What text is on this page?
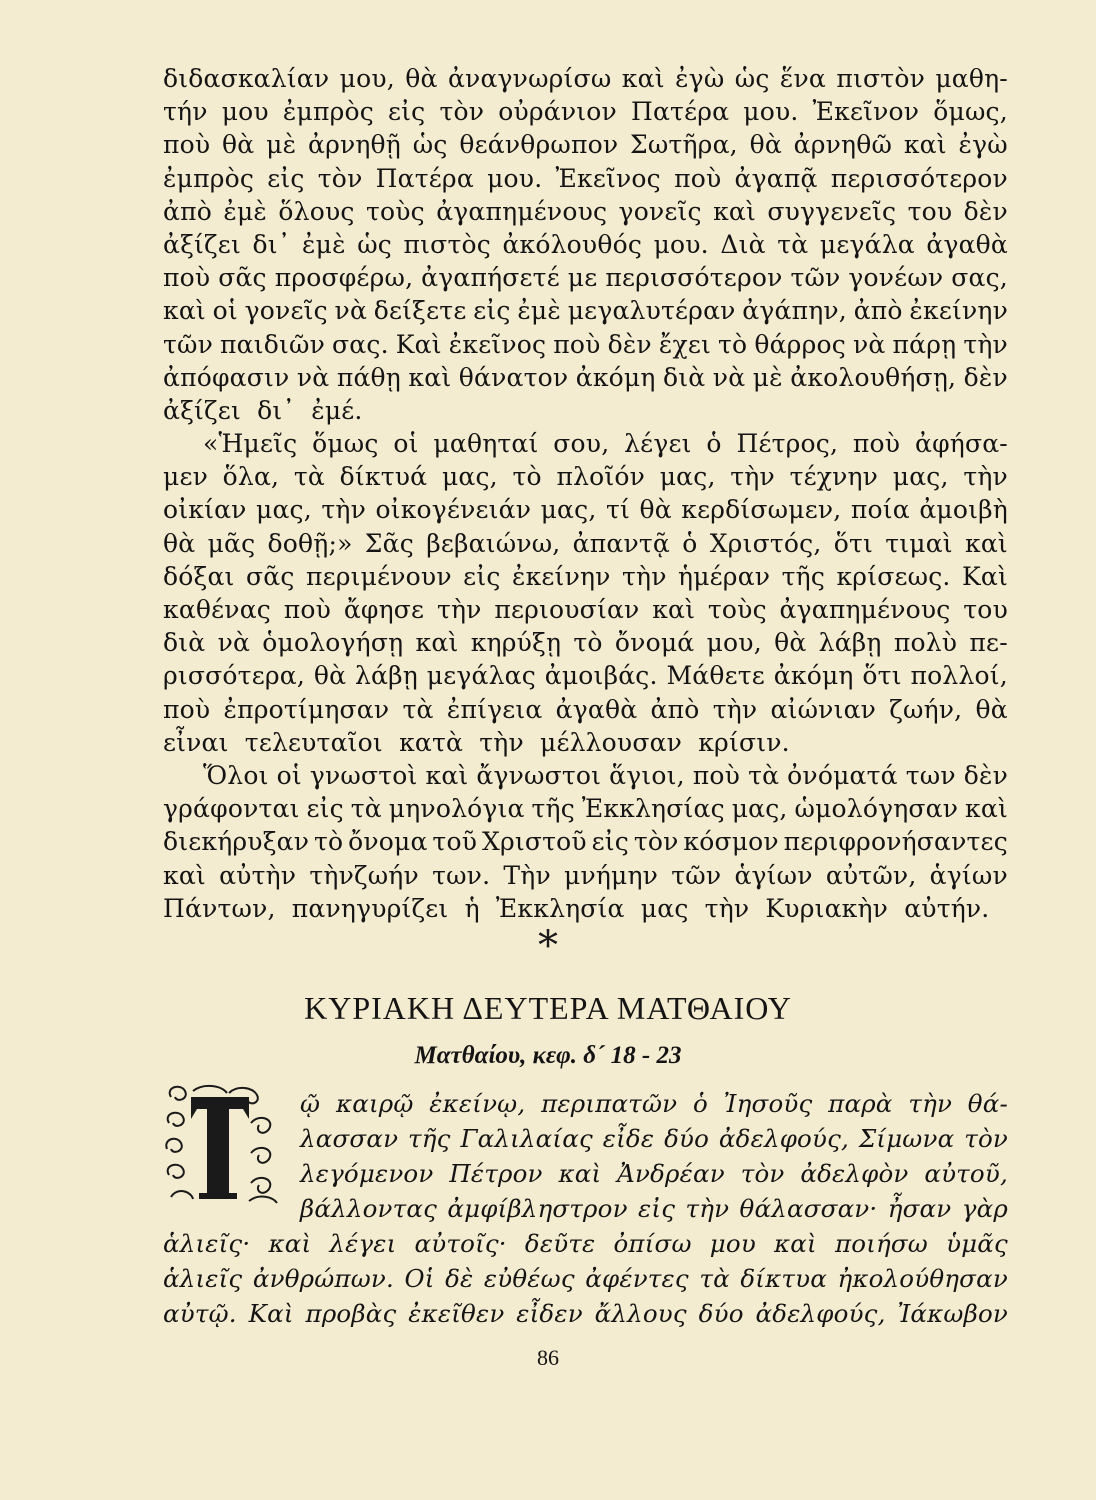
διδασκαλίαν μου, θὰ ἀναγνωρίσω καὶ ἐγὼ ὡς ἕνα πιστὸν μαθη-
τήν μου ἐμπρὸς εἰς τὸν οὐράνιον Πατέρα μου. Ἐκεῖνον ὅμως,
ποὺ θὰ μὲ ἀρνηθῇ ὡς θεάνθρωπον Σωτῆρα, θὰ ἀρνηθῶ καὶ ἐγὼ
ἐμπρὸς εἰς τὸν Πατέρα μου. Ἐκεῖνος ποὺ ἀγαπᾷ περισσότερον
ἀπὸ ἐμὲ ὅλους τοὺς ἀγαπημένους γονεῖς καὶ συγγενεῖς του δὲν
ἀξίζει δι᾿ ἐμὲ ὡς πιστὸς ἀκόλουθός μου. Διὰ τὰ μεγάλα ἀγαθὰ
ποὺ σᾶς προσφέρω, ἀγαπήσετέ με περισσότερον τῶν γονέων σας,
καὶ οἱ γονεῖς νὰ δείξετε εἰς ἐμὲ μεγαλυτέραν ἀγάπην, ἀπὸ ἐκείνην
τῶν παιδιῶν σας. Καὶ ἐκεῖνος ποὺ δὲν ἔχει τὸ θάρρος νὰ πάρῃ τὴν
ἀπόφασιν νὰ πάθῃ καὶ θάνατον ἀκόμη διὰ νὰ μὲ ἀκολουθήσῃ, δὲν
ἀξίζει δι᾿ ἐμέ.
«Ἡμεῖς ὅμως οἱ μαθηταί σου, λέγει ὁ Πέτρος, ποὺ ἀφήσα-
μεν ὅλα, τὰ δίκτυά μας, τὸ πλοῖόν μας, τὴν τέχνην μας, τὴν
οἰκίαν μας, τὴν οἰκογένειάν μας, τί θὰ κερδίσωμεν, ποία ἀμοιβὴ
θὰ μᾶς δοθῇ;» Σᾶς βεβαιώνω, ἀπαντᾷ ὁ Χριστός, ὅτι τιμαὶ καὶ
δόξαι σᾶς περιμένουν εἰς ἐκείνην τὴν ἡμέραν τῆς κρίσεως. Καὶ
καθένας ποὺ ἄφησε τὴν περιουσίαν καὶ τοὺς ἀγαπημένους του
διὰ νὰ ὁμολογήσῃ καὶ κηρύξῃ τὸ ὄνομά μου, θὰ λάβῃ πολὺ πε-
ρισσότερα, θὰ λάβῃ μεγάλας ἀμοιβάς. Μάθετε ἀκόμη ὅτι πολλοί,
ποὺ ἐπροτίμησαν τὰ ἐπίγεια ἀγαθὰ ἀπὸ τὴν αἰώνιαν ζωήν, θὰ
εἶναι τελευταῖοι κατὰ τὴν μέλλουσαν κρίσιν.
Ὅλοι οἱ γνωστοὶ καὶ ἄγνωστοι ἅγιοι, ποὺ τὰ ὀνόματά των δὲν
γράφονται εἰς τὰ μηνολόγια τῆς Ἐκκλησίας μας, ὡμολόγησαν καὶ
διεκήρυξαν τὸ ὄνομα τοῦ Χριστοῦ εἰς τὸν κόσμον περιφρονήσαντες
καὶ αὐτὴν τὴνζωήν των. Τὴν μνήμην τῶν ἁγίων αὐτῶν, ἁγίων
Πάντων, πανηγυρίζει ἡ Ἐκκλησία μας τὴν Κυριακὴν αὐτήν.
*
ΚΥΡΙΑΚΗ ΔΕΥΤΕΡΑ ΜΑΤΘΑΙΟΥ
Ματθαίου, κεφ. δ´ 18 - 23
ῷ καιρῷ ἐκείνῳ, περιπατῶν ὁ Ἰησοῦς παρὰ τὴν θά-
λασσαν τῆς Γαλιλαίας εἶδε δύο ἀδελφούς, Σίμωνα τὸν
λεγόμενον Πέτρον καὶ Ἀνδρέαν τὸν ἀδελφὸν αὐτοῦ,
βάλλοντας ἀμφίβληστρον εἰς τὴν θάλασσαν· ἦσαν γὰρ
ἁλιεῖς· καὶ λέγει αὐτοῖς· δεῦτε ὀπίσω μου καὶ ποιήσω ὑμᾶς
ἁλιεῖς ἀνθρώπων. Οἱ δὲ εὐθέως ἀφέντες τὰ δίκτυα ἠκολούθησαν
αὐτῷ. Καὶ προβὰς ἐκεῖθεν εἶδεν ἄλλους δύο ἀδελφούς, Ἰάκωβον
86
